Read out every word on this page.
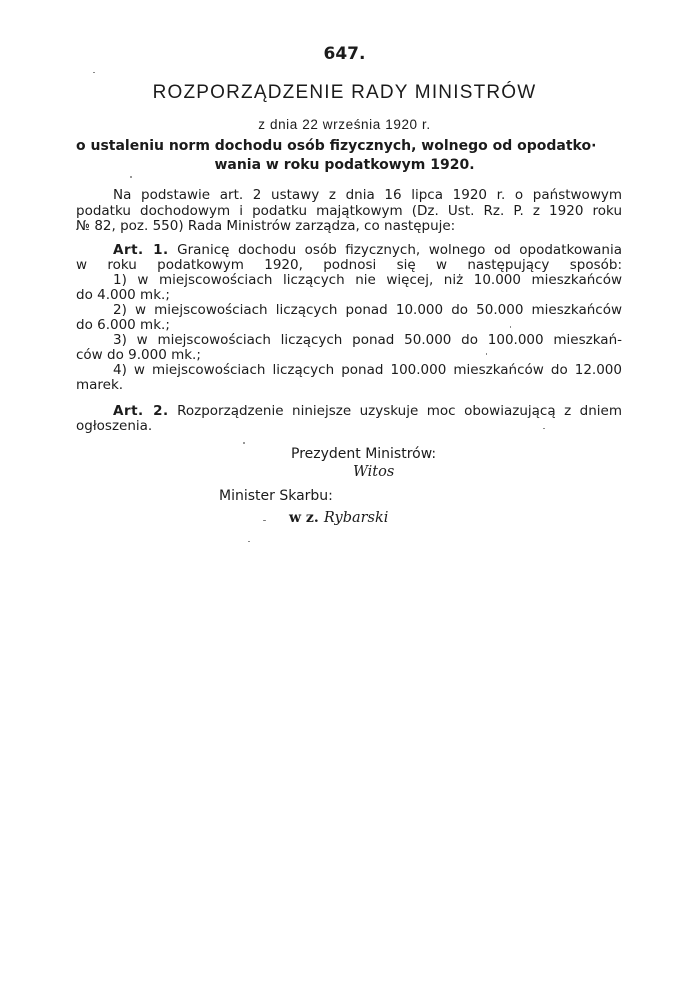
647.
ROZPORZĄDZENIE RADY MINISTRÓW
z dnia 22 września 1920 r.
o ustaleniu norm dochodu osób fizycznych, wolnego od opodatko·
wania w roku podatkowym 1920.
Na podstawie art. 2 ustawy z dnia 16 lipca 1920 r. o państwowym
podatku dochodowym i podatku majątkowym (Dz. Ust. Rz. P. z 1920 roku
№ 82, poz. 550) Rada Ministrów zarządza, co następuje:
Art. 1. Granicę dochodu osób fizycznych, wolnego od opodatkowania
w roku podatkowym 1920, podnosi się w następujący sposób:
1) w miejscowościach liczących nie więcej, niż 10.000 mieszkańców
do 4.000 mk.;
2) w miejscowościach liczących ponad 10.000 do 50.000 mieszkańców
do 6.000 mk.;
3) w miejscowościach liczących ponad 50.000 do 100.000 mieszkań-
ców do 9.000 mk.;
4) w miejscowościach liczących ponad 100.000 mieszkańców do 12.000
marek.
Art. 2. Rozporządzenie niniejsze uzyskuje moc obowiazującą z dniem
ogłoszenia.
Prezydent Ministrów:
Witos
Minister Skarbu:
w z. Rybarski
